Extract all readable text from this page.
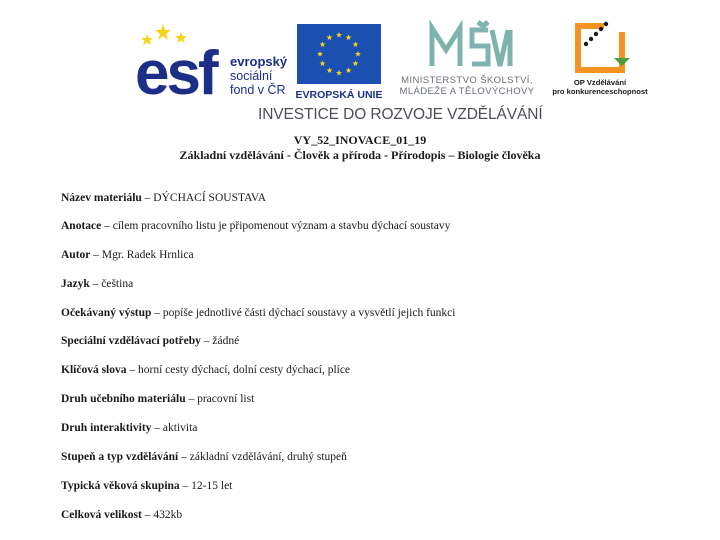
esf evropský
sociální
fond v ČR EVROPSKÁ UNIE
MINISTERSTVO ŠKOLSTVÍ,
MLÁDEŽE A TĚLOVÝCHOVY
OP Vzdělávání
pro konkurenceschopnost
INVESTICE DO ROZVOJE VZDĚLÁVÁNÍ
VY_52_INOVACE_01_19
Základní vzdělávání - Člověk a příroda - Přírodopis – Biologie člověka
Název materiálu – DÝCHACÍ SOUSTAVA
Anotace – cílem pracovního listu je připomenout význam a stavbu dýchací soustavy
Autor – Mgr. Radek Hrnlica
Jazyk – čeština
Očekávaný výstup – popíše jednotlivé části dýchací soustavy a vysvětlí jejich funkci
Speciální vzdělávací potřeby – žádné
Klíčová slova – horní cesty dýchací, dolní cesty dýchací, plíce
Druh učebního materiálu – pracovní list
Druh interaktivity – aktivita
Stupeň a typ vzdělávání – základní vzdělávání, druhý stupeň
Typická věková skupina – 12-15 let
Celková velikost – 432kb
